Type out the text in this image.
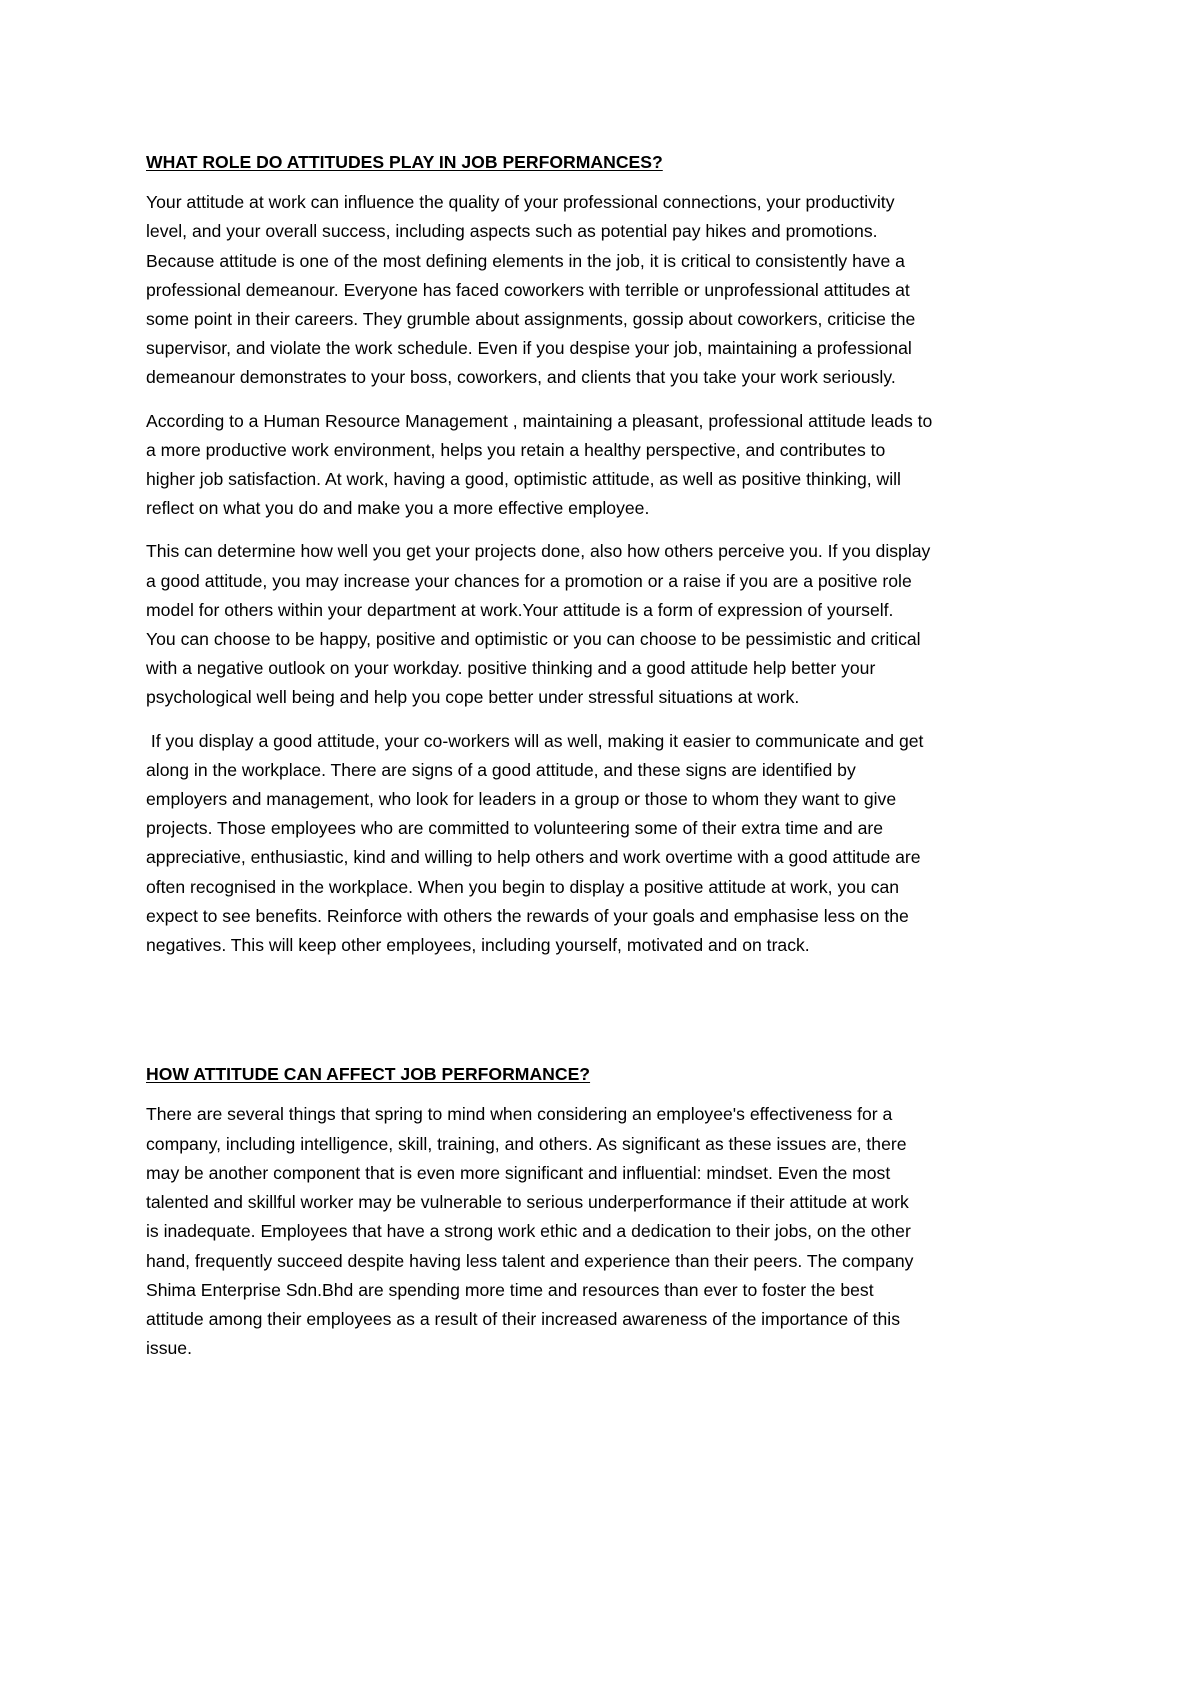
WHAT ROLE DO ATTITUDES PLAY IN JOB PERFORMANCES?

Your attitude at work can influence the quality of your professional connections, your productivity
level, and your overall success, including aspects such as potential pay hikes and promotions.
Because attitude is one of the most defining elements in the job, it is critical to consistently have a
professional demeanour. Everyone has faced coworkers with terrible or unprofessional attitudes at
some point in their careers. They grumble about assignments, gossip about coworkers, criticise the
supervisor, and violate the work schedule. Even if you despise your job, maintaining a professional
demeanour demonstrates to your boss, coworkers, and clients that you take your work seriously.

According to a Human Resource Management , maintaining a pleasant, professional attitude leads to
a more productive work environment, helps you retain a healthy perspective, and contributes to
higher job satisfaction. At work, having a good, optimistic attitude, as well as positive thinking, will
reflect on what you do and make you a more effective employee.

This can determine how well you get your projects done, also how others perceive you. If you display
a good attitude, you may increase your chances for a promotion or a raise if you are a positive role
model for others within your department at work.Your attitude is a form of expression of yourself.
You can choose to be happy, positive and optimistic or you can choose to be pessimistic and critical
with a negative outlook on your workday. positive thinking and a good attitude help better your
psychological well being and help you cope better under stressful situations at work.

If you display a good attitude, your co-workers will as well, making it easier to communicate and get
along in the workplace. There are signs of a good attitude, and these signs are identified by
employers and management, who look for leaders in a group or those to whom they want to give
projects. Those employees who are committed to volunteering some of their extra time and are
appreciative, enthusiastic, kind and willing to help others and work overtime with a good attitude are
often recognised in the workplace. When you begin to display a positive attitude at work, you can
expect to see benefits. Reinforce with others the rewards of your goals and emphasise less on the
negatives. This will keep other employees, including yourself, motivated and on track.

HOW ATTITUDE CAN AFFECT JOB PERFORMANCE?

There are several things that spring to mind when considering an employee's effectiveness for a
company, including intelligence, skill, training, and others. As significant as these issues are, there
may be another component that is even more significant and influential: mindset. Even the most
talented and skillful worker may be vulnerable to serious underperformance if their attitude at work
is inadequate. Employees that have a strong work ethic and a dedication to their jobs, on the other
hand, frequently succeed despite having less talent and experience than their peers. The company
Shima Enterprise Sdn.Bhd are spending more time and resources than ever to foster the best
attitude among their employees as a result of their increased awareness of the importance of this
issue.
